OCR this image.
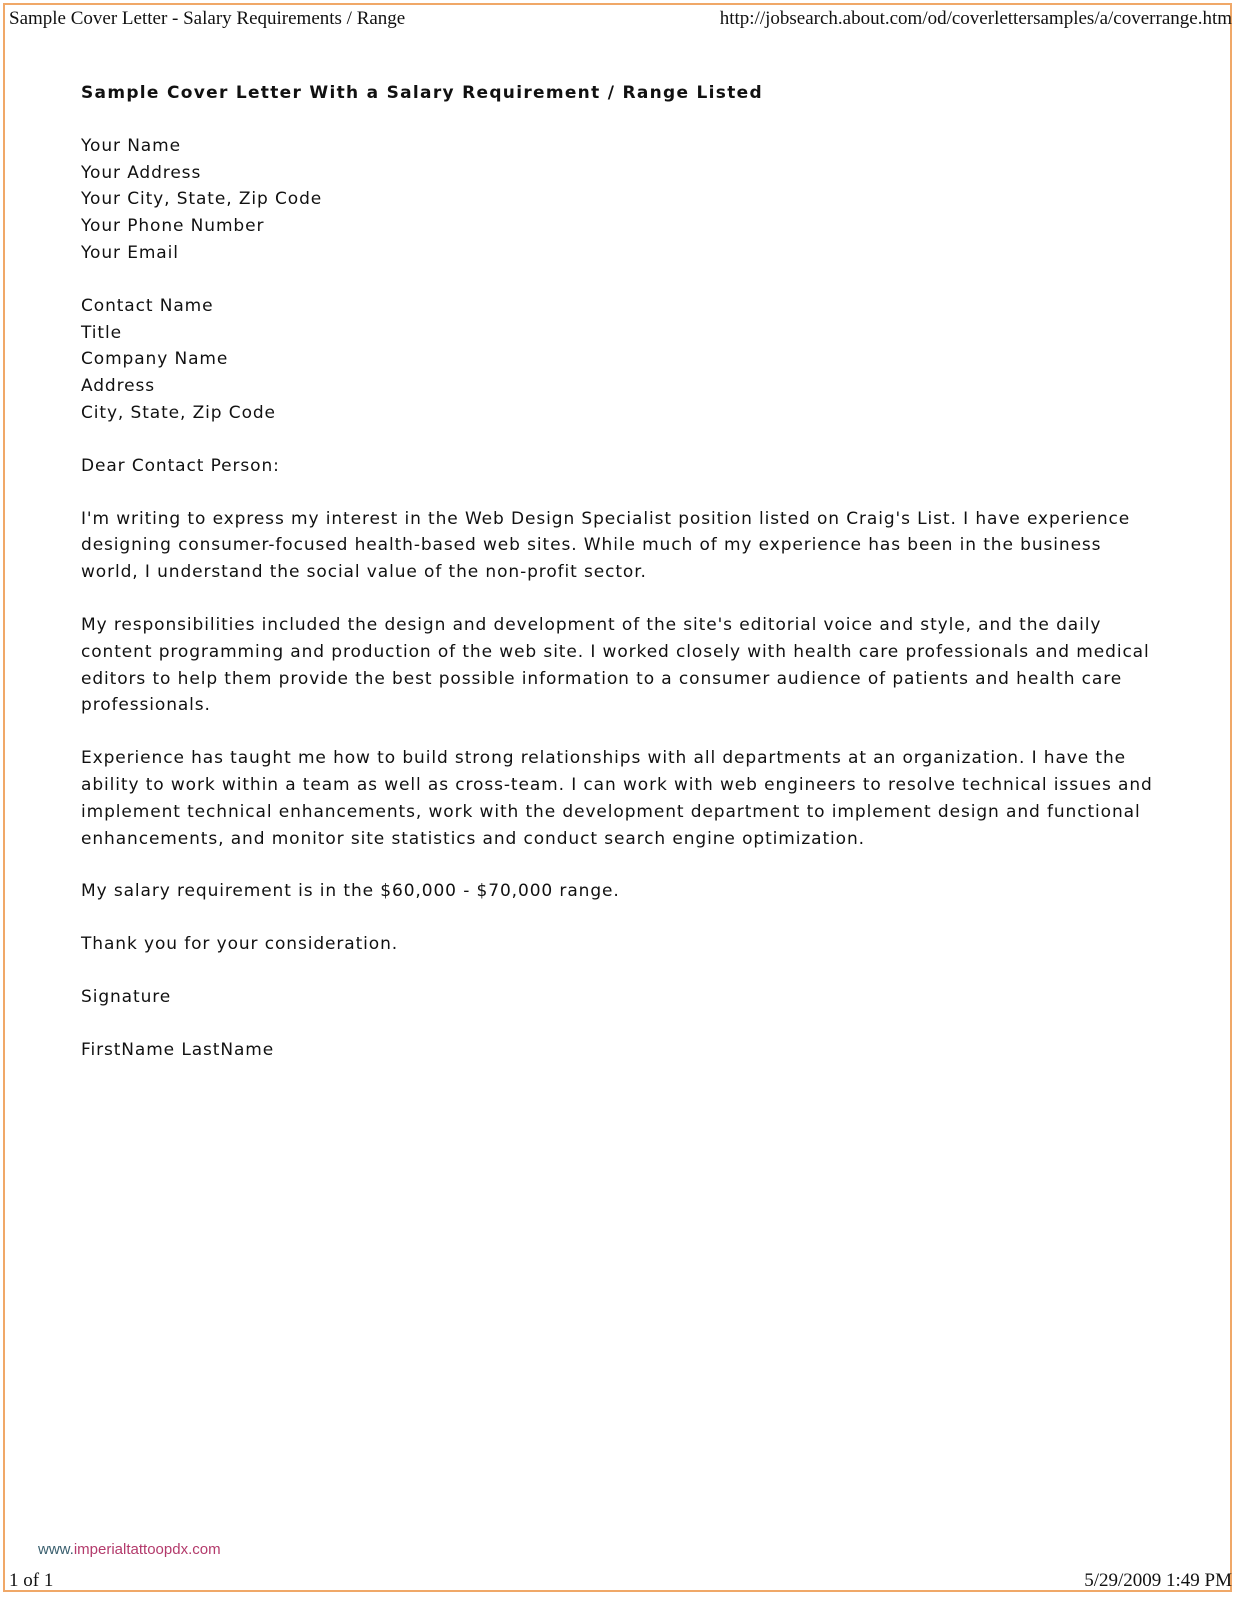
Sample Cover Letter - Salary Requirements / Range	http://jobsearch.about.com/od/coverlettersamples/a/coverrange.htm
Sample Cover Letter With a Salary Requirement / Range Listed
Your Name
Your Address
Your City, State, Zip Code
Your Phone Number
Your Email
Contact Name
Title
Company Name
Address
City, State, Zip Code

Dear Contact Person:

I'm writing to express my interest in the Web Design Specialist position listed on Craig's List. I have experience designing consumer-focused health-based web sites. While much of my experience has been in the business world, I understand the social value of the non-profit sector.

My responsibilities included the design and development of the site's editorial voice and style, and the daily content programming and production of the web site. I worked closely with health care professionals and medical editors to help them provide the best possible information to a consumer audience of patients and health care professionals.

Experience has taught me how to build strong relationships with all departments at an organization. I have the ability to work within a team as well as cross-team. I can work with web engineers to resolve technical issues and implement technical enhancements, work with the development department to implement design and functional enhancements, and monitor site statistics and conduct search engine optimization.

My salary requirement is in the $60,000 - $70,000 range.

Thank you for your consideration.

Signature

FirstName LastName

www.imperialtattoopdx.com
1 of 1	5/29/2009 1:49 PM
